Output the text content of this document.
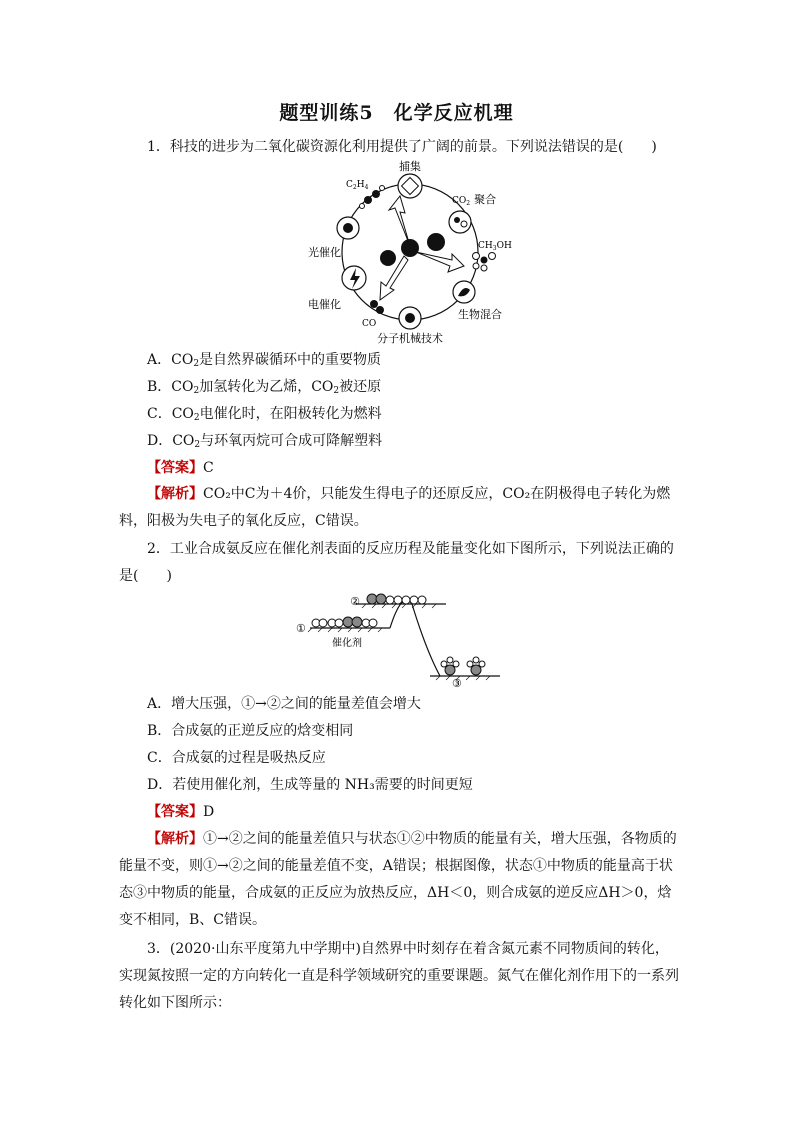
题型训练5　化学反应机理
1．科技的进步为二氧化碳资源化利用提供了广阔的前景。下列说法错误的是(　　)
捕集
$C_2H_4$
$CO_2$ 聚合
$CH_3OH$
光催化
电催化
CO
分子机械技术
生物混合
A．$CO_2$是自然界碳循环中的重要物质
B．$CO_2$加氢转化为乙烯，$CO_2$被还原
C．$CO_2$电催化时，在阳极转化为燃料
D．$CO_2$与环氧丙烷可合成可降解塑料
【答案】C
【解析】CO₂中C为＋4价，只能发生得电子的还原反应，CO₂在阴极得电子转化为燃料，阳极为失电子的氧化反应，C错误。
2．工业合成氨反应在催化剂表面的反应历程及能量变化如下图所示，下列说法正确的是(　　)
①
②
③
催化剂
A．增大压强，①→②之间的能量差值会增大
B．合成氨的正逆反应的焓变相同
C．合成氨的过程是吸热反应
D．若使用催化剂，生成等量的 NH₃需要的时间更短
【答案】D
【解析】①→②之间的能量差值只与状态①②中物质的能量有关，增大压强，各物质的能量不变，则①→②之间的能量差值不变，A错误；根据图像，状态①中物质的能量高于状态③中物质的能量，合成氨的正反应为放热反应，ΔH＜0，则合成氨的逆反应ΔH＞0，焓变不相同，B、C错误。
3．(2020·山东平度第九中学期中)自然界中时刻存在着含氮元素不同物质间的转化，实现氮按照一定的方向转化一直是科学领域研究的重要课题。氮气在催化剂作用下的一系列转化如下图所示：
